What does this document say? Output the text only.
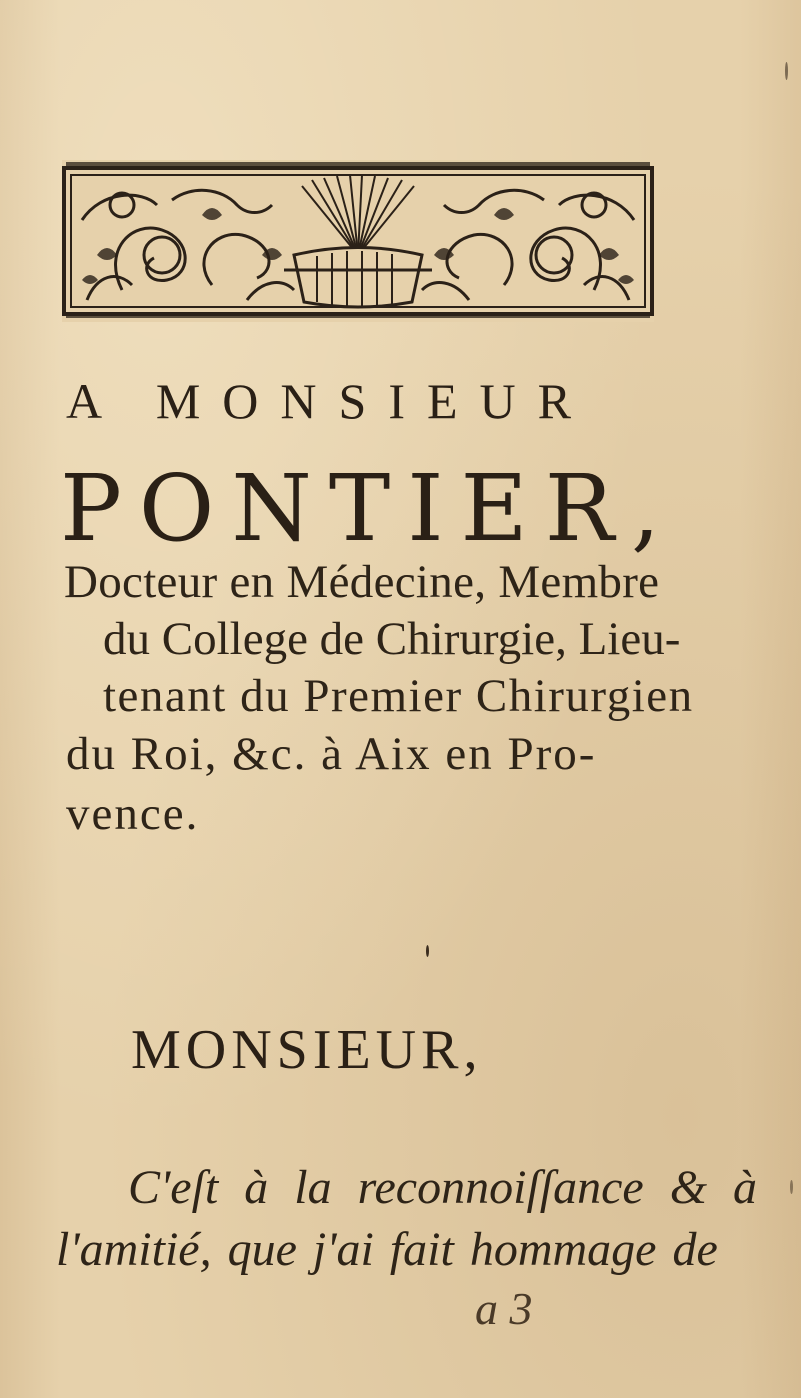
A MONSIEUR
PONTIER,
Docteur en Médecine, Membre
du College de Chirurgie, Lieu-
tenant du Premier Chirurgien
du Roi, &c. à Aix en Pro-
vence.
MONSIEUR,
C'eſt à la reconnoiſſance & à
l'amitié, que j'ai fait hommage de
a 3
